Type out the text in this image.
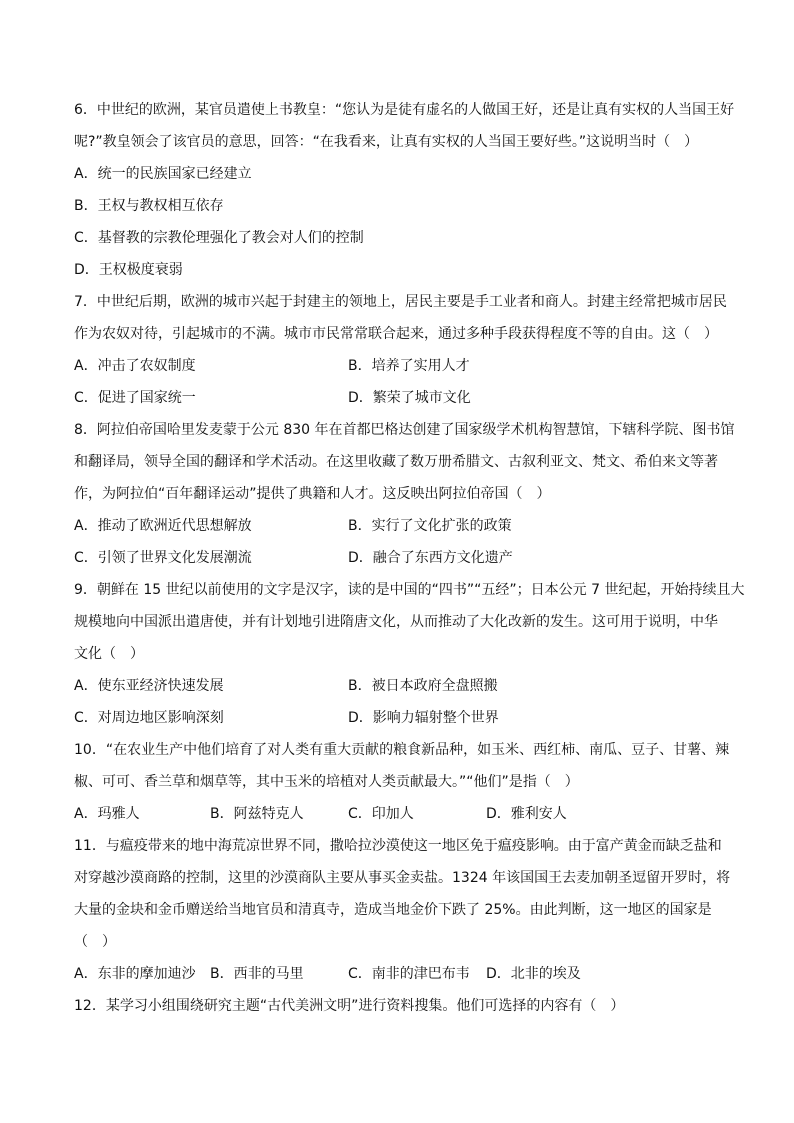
6．中世纪的欧洲，某官员遣使上书教皇：“您认为是徒有虚名的人做国王好，还是让真有实权的人当国王好
呢?”教皇领会了该官员的意思，回答：“在我看来，让真有实权的人当国王要好些。”这说明当时（　）
A．统一的民族国家已经建立
B．王权与教权相互依存
C．基督教的宗教伦理强化了教会对人们的控制
D．王权极度衰弱
7．中世纪后期，欧洲的城市兴起于封建主的领地上，居民主要是手工业者和商人。封建主经常把城市居民
作为农奴对待，引起城市的不满。城市市民常常联合起来，通过多种手段获得程度不等的自由。这（　）
A．冲击了农奴制度	B．培养了实用人才
C．促进了国家统一	D．繁荣了城市文化
8．阿拉伯帝国哈里发麦蒙于公元 830 年在首都巴格达创建了国家级学术机构智慧馆，下辖科学院、图书馆
和翻译局，领导全国的翻译和学术活动。在这里收藏了数万册希腊文、古叙利亚文、梵文、希伯来文等著
作，为阿拉伯“百年翻译运动”提供了典籍和人才。这反映出阿拉伯帝国（　）
A．推动了欧洲近代思想解放	B．实行了文化扩张的政策
C．引领了世界文化发展潮流	D．融合了东西方文化遗产
9．朝鲜在 15 世纪以前使用的文字是汉字，读的是中国的“四书”“五经”；日本公元 7 世纪起，开始持续且大
规模地向中国派出遣唐使，并有计划地引进隋唐文化，从而推动了大化改新的发生。这可用于说明，中华
文化（　）
A．使东亚经济快速发展	B．被日本政府全盘照搬
C．对周边地区影响深刻	D．影响力辐射整个世界
10．“在农业生产中他们培育了对人类有重大贡献的粮食新品种，如玉米、西红柿、南瓜、豆子、甘薯、辣
椒、可可、香兰草和烟草等，其中玉米的培植对人类贡献最大。”“他们”是指（　）
A．玛雅人	B．阿兹特克人	C．印加人	D．雅利安人
11．与瘟疫带来的地中海荒凉世界不同，撒哈拉沙漠使这一地区免于瘟疫影响。由于富产黄金而缺乏盐和
对穿越沙漠商路的控制，这里的沙漠商队主要从事买金卖盐。1324 年该国国王去麦加朝圣逗留开罗时，将
大量的金块和金币赠送给当地官员和清真寺，造成当地金价下跌了 25%。由此判断，这一地区的国家是
（　）
A．东非的摩加迪沙 B．西非的马里	C．南非的津巴布韦 D．北非的埃及
12．某学习小组围绕研究主题“古代美洲文明”进行资料搜集。他们可选择的内容有（　）
